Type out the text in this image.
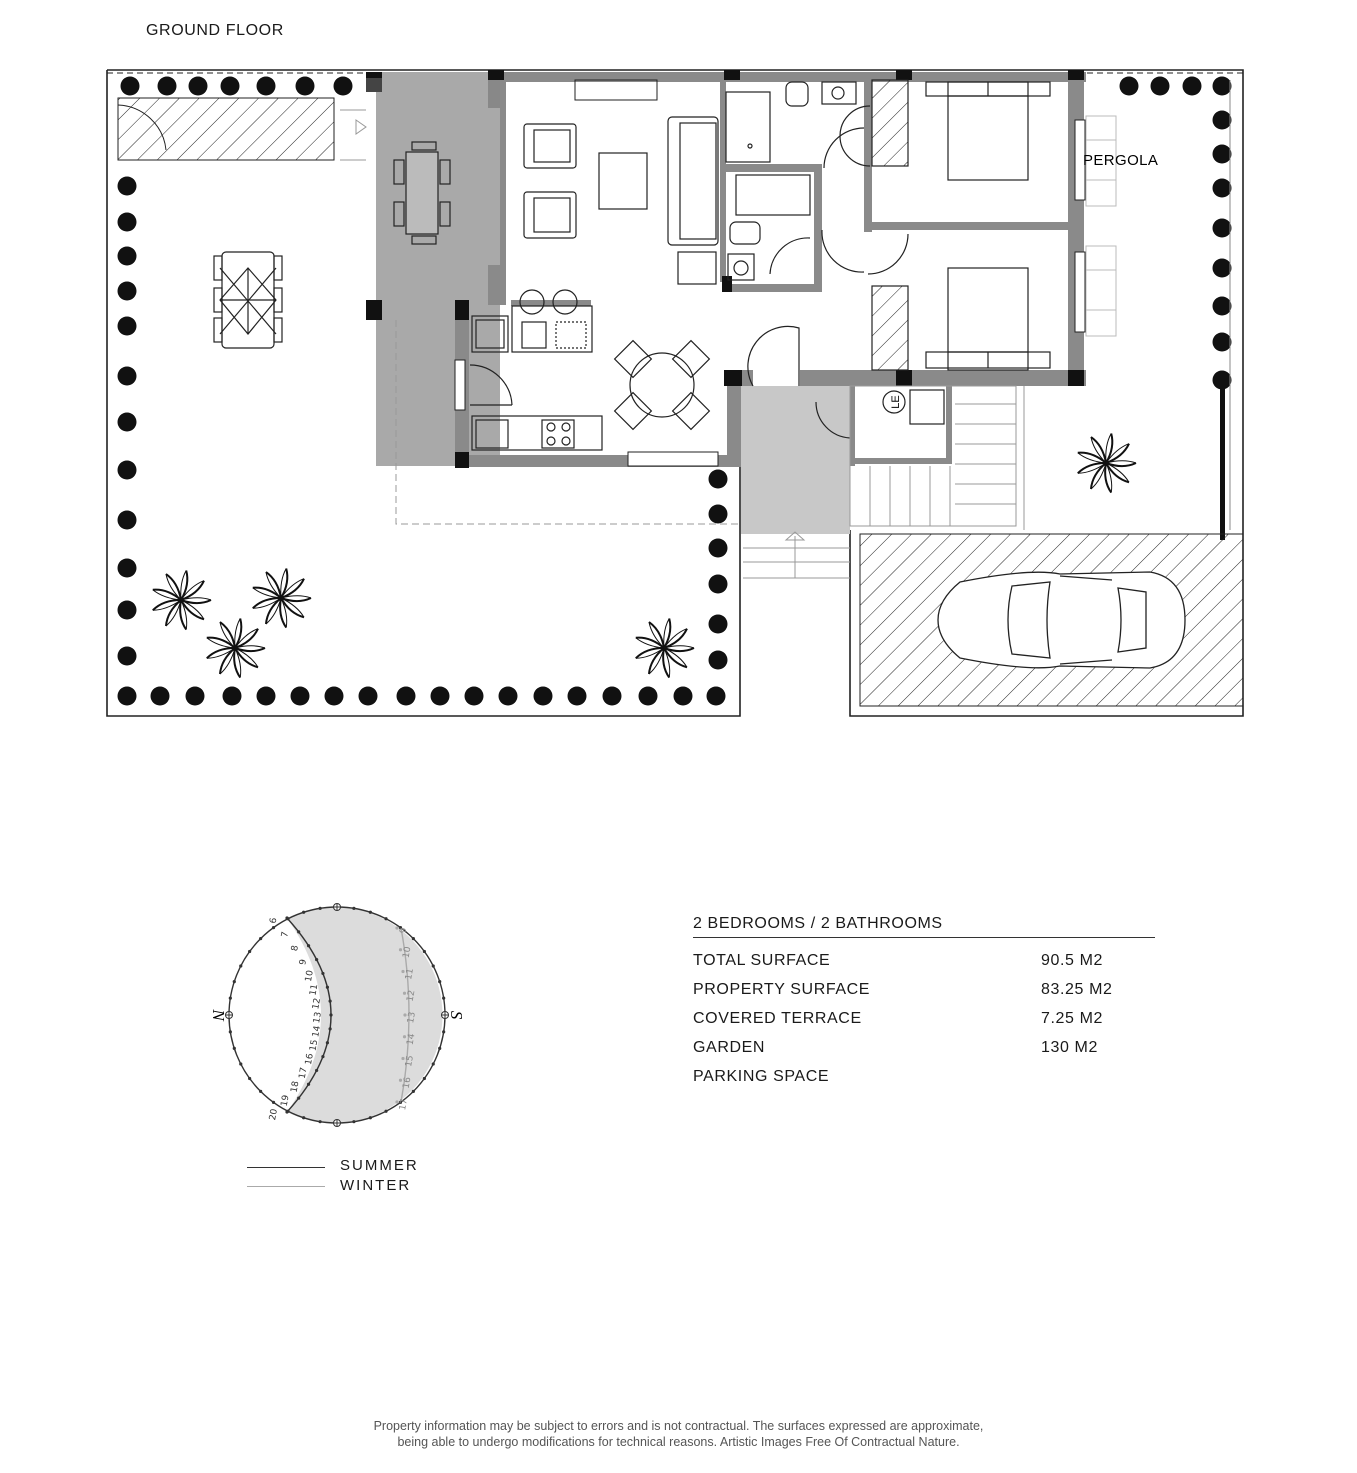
GROUND FLOOR
LE
PERGOLA
N	S
6
7
8
9
10
11
12
13
14
15
16
17
18
19
20
9
10
11
12
13
14
15
16
17
SUMMER
WINTER
2 BEDROOMS / 2 BATHROOMS
TOTAL SURFACE	90.5 M2
PROPERTY SURFACE	83.25 M2
COVERED TERRACE	7.25 M2
GARDEN	130 M2
PARKING SPACE
Property information may be subject to errors and is not contractual. The surfaces expressed are approximate,
being able to undergo modifications for technical reasons. Artistic Images Free Of Contractual Nature.
